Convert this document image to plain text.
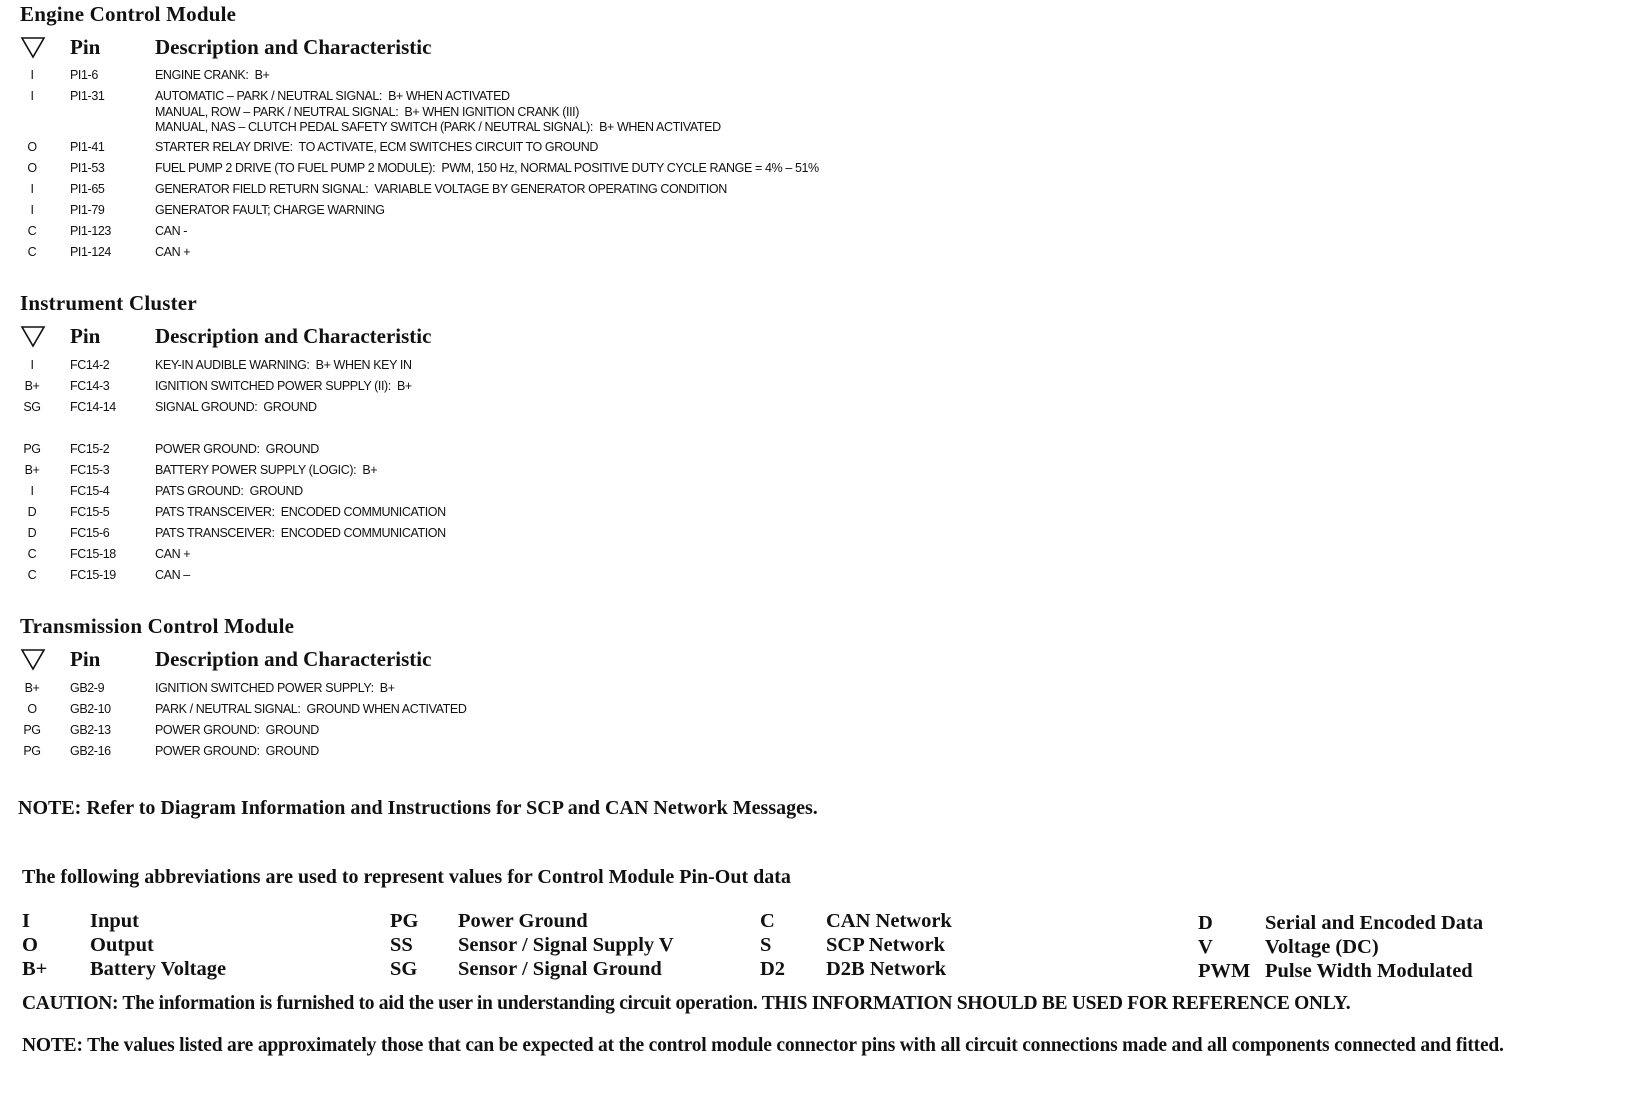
Engine Control Module
Pin	Description and Characteristic
I	PI1-6	ENGINE CRANK:  B+
I	PI1-31	AUTOMATIC – PARK / NEUTRAL SIGNAL:  B+ WHEN ACTIVATED
MANUAL, ROW – PARK / NEUTRAL SIGNAL:  B+ WHEN IGNITION CRANK (III)
MANUAL, NAS – CLUTCH PEDAL SAFETY SWITCH (PARK / NEUTRAL SIGNAL):  B+ WHEN ACTIVATED
O	PI1-41	STARTER RELAY DRIVE:  TO ACTIVATE, ECM SWITCHES CIRCUIT TO GROUND
O	PI1-53	FUEL PUMP 2 DRIVE (TO FUEL PUMP 2 MODULE):  PWM, 150 Hz, NORMAL POSITIVE DUTY CYCLE RANGE = 4% – 51%
I	PI1-65	GENERATOR FIELD RETURN SIGNAL:  VARIABLE VOLTAGE BY GENERATOR OPERATING CONDITION
I	PI1-79	GENERATOR FAULT; CHARGE WARNING
C	PI1-123	CAN -
C	PI1-124	CAN +
Instrument Cluster
Pin	Description and Characteristic
I	FC14-2	KEY-IN AUDIBLE WARNING:  B+ WHEN KEY IN
B+	FC14-3	IGNITION SWITCHED POWER SUPPLY (II):  B+
SG FC14-14	SIGNAL GROUND:  GROUND
PG FC15-2	POWER GROUND:  GROUND
B+	FC15-3	BATTERY POWER SUPPLY (LOGIC):  B+
I	FC15-4	PATS GROUND:  GROUND
D	FC15-5	PATS TRANSCEIVER:  ENCODED COMMUNICATION
D	FC15-6	PATS TRANSCEIVER:  ENCODED COMMUNICATION
C	FC15-18	CAN +
C	FC15-19	CAN –
Transmission Control Module
Pin	Description and Characteristic
B+	GB2-9	IGNITION SWITCHED POWER SUPPLY:  B+
O	GB2-10	PARK / NEUTRAL SIGNAL:  GROUND WHEN ACTIVATED
PG GB2-13	POWER GROUND:  GROUND
PG GB2-16	POWER GROUND:  GROUND
NOTE: Refer to Diagram Information and Instructions for SCP and CAN Network Messages.
The following abbreviations are used to represent values for Control Module Pin-Out data
I	Input
O	Output
B+ Battery Voltage
PG Power Ground
SS Sensor / Signal Supply V
SG Sensor / Signal Ground
C CAN Network
S	SCP Network
D2 D2B Network
D	Serial and Encoded Data
V	Voltage (DC)
PWM Pulse Width Modulated
CAUTION: The information is furnished to aid the user in understanding circuit operation. THIS INFORMATION SHOULD BE USED FOR REFERENCE ONLY.
NOTE: The values listed are approximately those that can be expected at the control module connector pins with all circuit connections made and all components connected and fitted.
